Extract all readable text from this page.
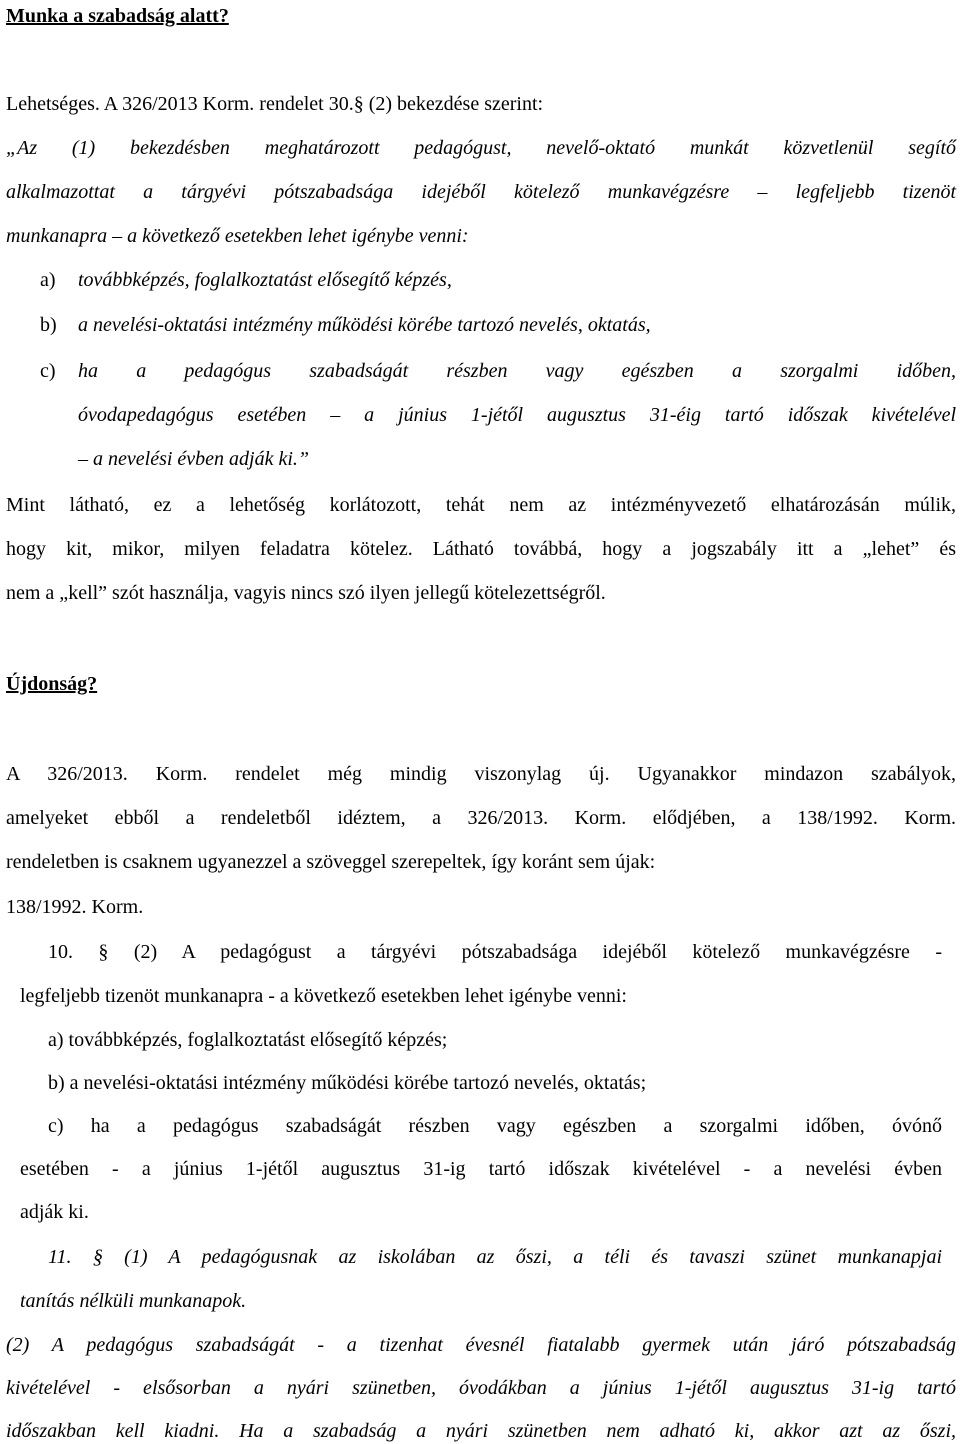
Munka a szabadság alatt?
Lehetséges. A 326/2013 Korm. rendelet 30.§ (2) bekezdése szerint:
„Az (1) bekezdésben meghatározott pedagógust, nevelő-oktató munkát közvetlenül segítő
alkalmazottat a tárgyévi pótszabadsága idejéből kötelező munkavégzésre – legfeljebb tizenöt
munkanapra – a következő esetekben lehet igénybe venni:
a) továbbképzés, foglalkoztatást elősegítő képzés,
b) a nevelési-oktatási intézmény működési körébe tartozó nevelés, oktatás,
c) ha a pedagógus szabadságát részben vagy egészben a szorgalmi időben,
óvodapedagógus esetében – a június 1-jétől augusztus 31-éig tartó időszak kivételével
– a nevelési évben adják ki.”
Mint látható, ez a lehetőség korlátozott, tehát nem az intézményvezető elhatározásán múlik,
hogy kit, mikor, milyen feladatra kötelez. Látható továbbá, hogy a jogszabály itt a „lehet” és
nem a „kell” szót használja, vagyis nincs szó ilyen jellegű kötelezettségről.
Újdonság?
A 326/2013. Korm. rendelet még mindig viszonylag új. Ugyanakkor mindazon szabályok,
amelyeket ebből a rendeletből idéztem, a 326/2013. Korm. elődjében, a 138/1992. Korm.
rendeletben is csaknem ugyanezzel a szöveggel szerepeltek, így koránt sem újak:
138/1992. Korm.
10. § (2) A pedagógust a tárgyévi pótszabadsága idejéből kötelező munkavégzésre -
legfeljebb tizenöt munkanapra - a következő esetekben lehet igénybe venni:
a) továbbképzés, foglalkoztatást elősegítő képzés;
b) a nevelési-oktatási intézmény működési körébe tartozó nevelés, oktatás;
c) ha a pedagógus szabadságát részben vagy egészben a szorgalmi időben, óvónő
esetében - a június 1-jétől augusztus 31-ig tartó időszak kivételével - a nevelési évben
adják ki.
11. § (1) A pedagógusnak az iskolában az őszi, a téli és tavaszi szünet munkanapjai
tanítás nélküli munkanapok.
(2) A pedagógus szabadságát - a tizenhat évesnél fiatalabb gyermek után járó pótszabadság
kivételével - elsősorban a nyári szünetben, óvodákban a június 1-jétől augusztus 31-ig tartó
időszakban kell kiadni. Ha a szabadság a nyári szünetben nem adható ki, akkor azt az őszi,
